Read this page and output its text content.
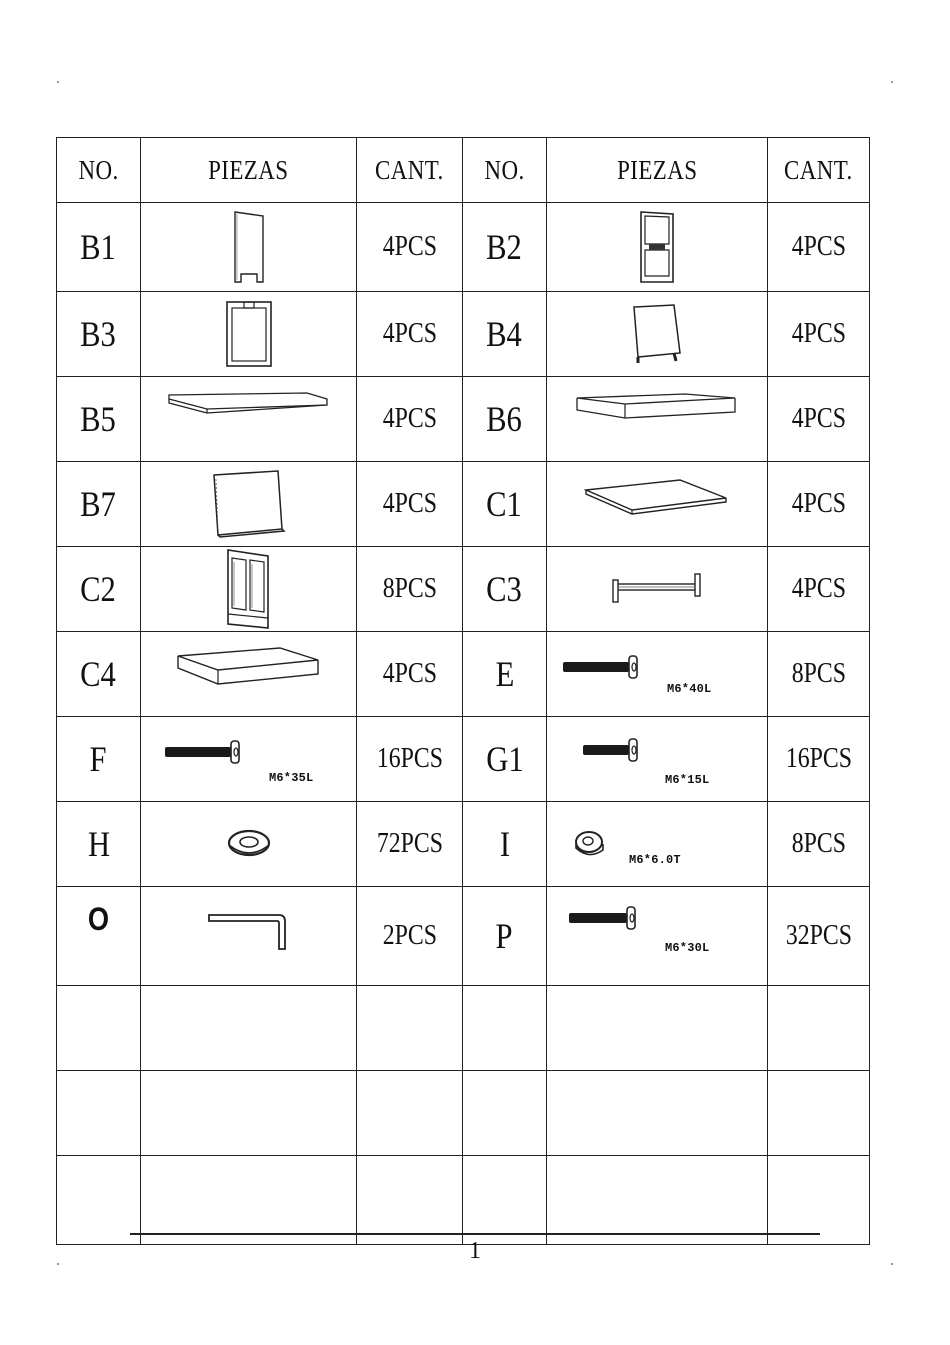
NO.	PIEZAS	CANT.	NO.	PIEZAS	CANT.
B1		4PCS	B2		4PCS
B3		4PCS	B4		4PCS
B5		4PCS	B6		4PCS
B7		4PCS	C1		4PCS
C2		8PCS	C3		4PCS
C4		4PCS	E	M6*40L	8PCS
F	M6*35L	16PCS	G1	M6*15L	16PCS
H		72PCS	I	M6*6.0T	8PCS
O		2PCS	P	M6*30L	32PCS

1
